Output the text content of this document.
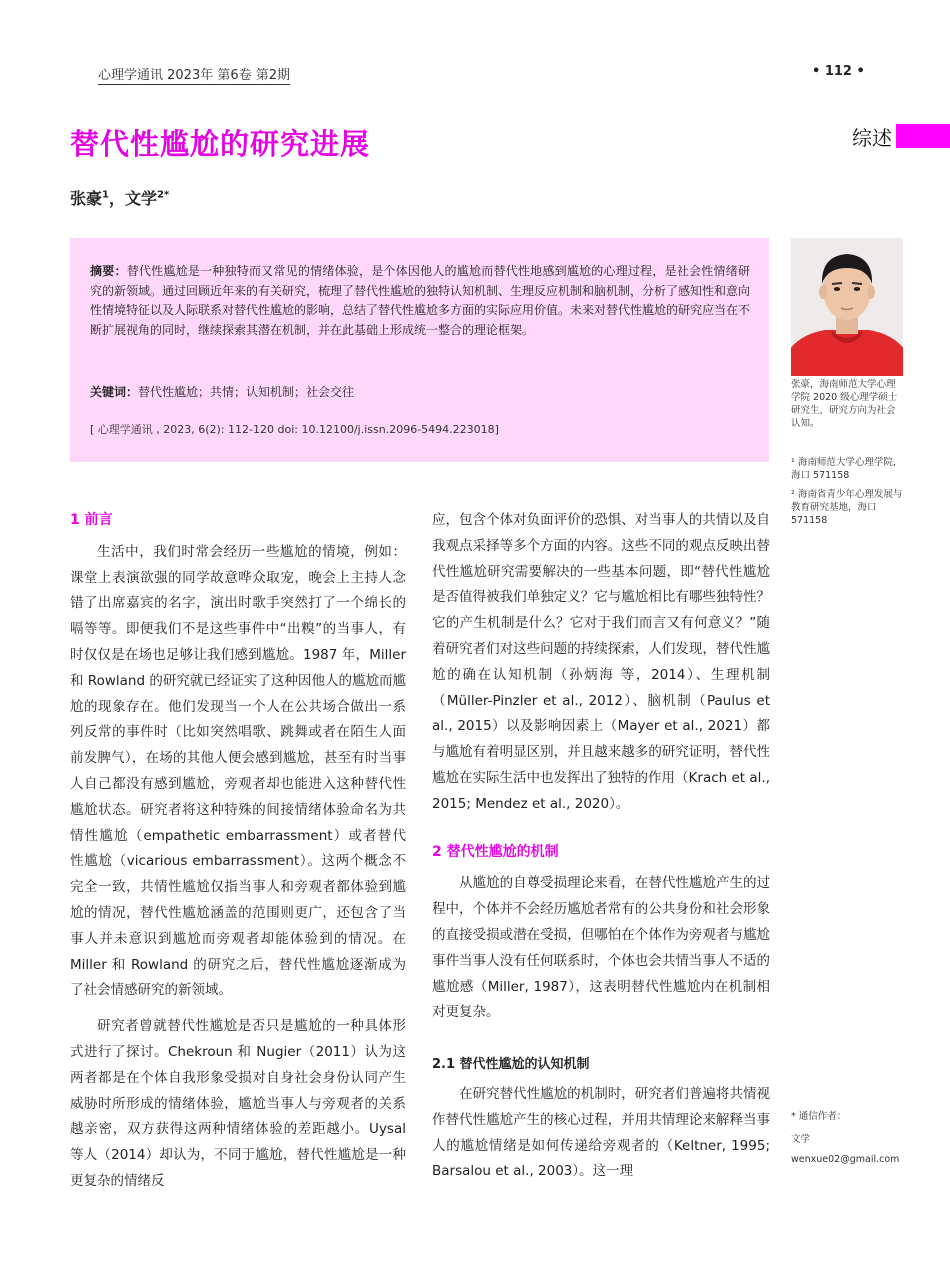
心理学通讯 2023年 第6卷 第2期	• 112 •
综述
替代性尴尬的研究进展
张豪$^1$，文学$^{2*}$

摘要：替代性尴尬是一种独特而又常见的情绪体验，是个体因他人的尴尬而替代性地感到尴尬的心理过程，是社会性情绪研究的新领域。通过回顾近年来的有关研究，梳理了替代性尴尬的独特认知机制、生理反应机制和脑机制，分析了感知性和意向性情境特征以及人际联系对替代性尴尬的影响，总结了替代性尴尬多方面的实际应用价值。未来对替代性尴尬的研究应当在不断扩展视角的同时，继续探索其潜在机制，并在此基础上形成统一整合的理论框架。

关键词：替代性尴尬；共情；认知机制；社会交往

[ 心理学通讯 , 2023, 6(2): 112-120 doi: 10.12100/j.issn.2096-5494.223018]

张豪，海南师范大学心理学院 2020 级心理学硕士研究生，研究方向为社会认知。
¹ 海南师范大学心理学院，海口 571158
² 海南省青少年心理发展与教育研究基地，海口 571158
1 前言

生活中，我们时常会经历一些尴尬的情境，例如：课堂上表演欲强的同学故意哗众取宠，晚会上主持人念错了出席嘉宾的名字，演出时歌手突然打了一个绵长的嗝等等。即便我们不是这些事件中“出糗”的当事人，有时仅仅是在场也足够让我们感到尴尬。1987 年，Miller 和 Rowland 的研究就已经证实了这种因他人的尴尬而尴尬的现象存在。他们发现当一个人在公共场合做出一系列反常的事件时（比如突然唱歌、跳舞或者在陌生人面前发脾气），在场的其他人便会感到尴尬，甚至有时当事人自己都没有感到尴尬，旁观者却也能进入这种替代性尴尬状态。研究者将这种特殊的间接情绪体验命名为共情性尴尬（empathetic embarrassment）或者替代性尴尬（vicarious embarrassment）。这两个概念不完全一致，共情性尴尬仅指当事人和旁观者都体验到尴尬的情况，替代性尴尬涵盖的范围则更广，还包含了当事人并未意识到尴尬而旁观者却能体验到的情况。在 Miller 和 Rowland 的研究之后，替代性尴尬逐渐成为了社会情感研究的新领域。

研究者曾就替代性尴尬是否只是尴尬的一种具体形式进行了探讨。Chekroun 和 Nugier（2011）认为这两者都是在个体自我形象受损对自身社会身份认同产生威胁时所形成的情绪体验，尴尬当事人与旁观者的关系越亲密，双方获得这两种情绪体验的差距越小。Uysal 等人（2014）却认为，不同于尴尬，替代性尴尬是一种更复杂的情绪反

应，包含个体对负面评价的恐惧、对当事人的共情以及自我观点采择等多个方面的内容。这些不同的观点反映出替代性尴尬研究需要解决的一些基本问题，即“替代性尴尬是否值得被我们单独定义？它与尴尬相比有哪些独特性？它的产生机制是什么？它对于我们而言又有何意义？”随着研究者们对这些问题的持续探索，人们发现，替代性尴尬的确在认知机制（孙炳海 等，2014）、生理机制（Müller-Pinzler et al., 2012）、脑机制（Paulus et al., 2015）以及影响因素上（Mayer et al., 2021）都与尴尬有着明显区别，并且越来越多的研究证明，替代性尴尬在实际生活中也发挥出了独特的作用（Krach et al., 2015; Mendez et al., 2020）。

2 替代性尴尬的机制

从尴尬的自尊受损理论来看，在替代性尴尬产生的过程中，个体并不会经历尴尬者常有的公共身份和社会形象的直接受损或潜在受损，但哪怕在个体作为旁观者与尴尬事件当事人没有任何联系时，个体也会共情当事人不适的尴尬感（Miller, 1987），这表明替代性尴尬内在机制相对更复杂。

2.1 替代性尴尬的认知机制

在研究替代性尴尬的机制时，研究者们普遍将共情视作替代性尴尬产生的核心过程，并用共情理论来解释当事人的尴尬情绪是如何传递给旁观者的（Keltner, 1995; Barsalou et al., 2003）。这一理

* 通信作者：
文学
wenxue02@gmail.com
